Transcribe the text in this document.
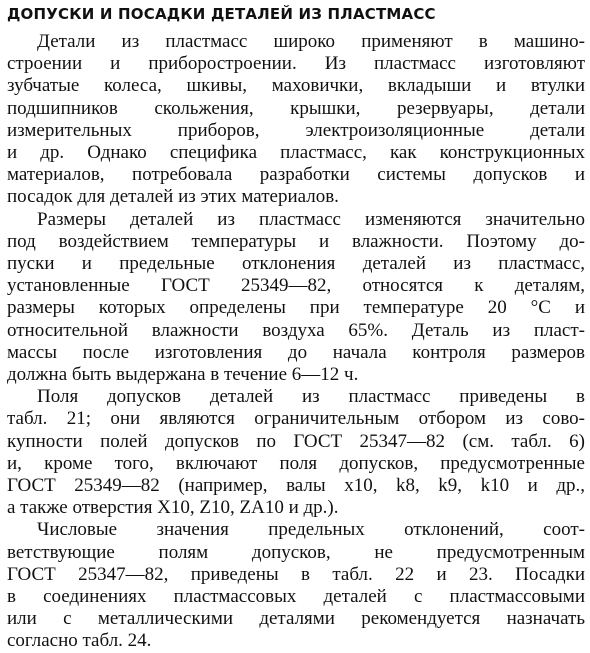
ДОПУСКИ И ПОСАДКИ ДЕТАЛЕЙ ИЗ ПЛАСТМАСС

Детали из пластмасс широко применяют в машино-
строении и приборостроении. Из пластмасс изготовляют
зубчатые колеса, шкивы, маховички, вкладыши и втулки
подшипников скольжения, крышки, резервуары, детали
измерительных приборов, электроизоляционные детали
и др. Однако специфика пластмасс, как конструкционных
материалов, потребовала разработки системы допусков и
посадок для деталей из этих материалов.

Размеры деталей из пластмасс изменяются значительно
под воздействием температуры и влажности. Поэтому до-
пуски и предельные отклонения деталей из пластмасс,
установленные ГОСТ 25349—82, относятся к деталям,
размеры которых определены при температуре 20 °С и
относительной влажности воздуха 65%. Деталь из пласт-
массы после изготовления до начала контроля размеров
должна быть выдержана в течение 6—12 ч.

Поля допусков деталей из пластмасс приведены в
табл. 21; они являются ограничительным отбором из сово-
купности полей допусков по ГОСТ 25347—82 (см. табл. 6)
и, кроме того, включают поля допусков, предусмотренные
ГОСТ 25349—82 (например, валы x10, k8, k9, k10 и др.,
а также отверстия X10, Z10, ZA10 и др.).

Числовые значения предельных отклонений, соот-
ветствующие полям допусков, не предусмотренным
ГОСТ 25347—82, приведены в табл. 22 и 23. Посадки
в соединениях пластмассовых деталей с пластмассовыми
или с металлическими деталями рекомендуется назначать
согласно табл. 24.
